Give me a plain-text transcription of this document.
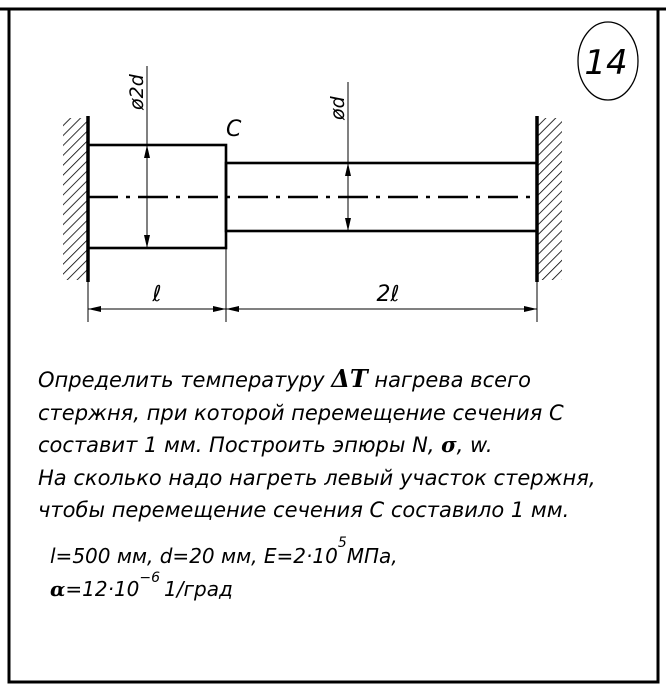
14
ø2d	ød
C
ℓ	2ℓ
Определить температуру ΔT нагрева всего
стержня, при которой перемещение сечения С
составит 1 мм. Построить эпюры N, σ, w.
На сколько надо нагреть левый участок стержня,
чтобы перемещение сечения С составило 1 мм.
l=500 мм, d=20 мм, $E=2\cdot 10^5МПа$,
$\alpha=12\cdot 10^{-6}$ 1/град
